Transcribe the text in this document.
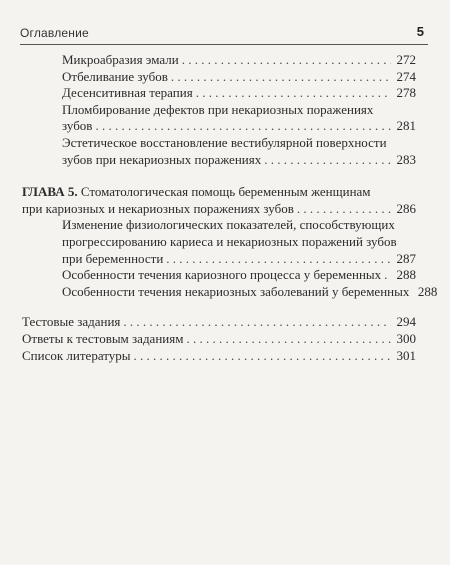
Оглавление	5
Микроабразия эмали . . .	272
Отбеливание зубов . . .	274
Десенситивная терапия . . .	278
Пломбирование дефектов при некариозных поражениях
зубов . . .	281
Эстетическое восстановление вестибулярной поверхности
зубов при некариозных поражениях . . .	283
ГЛАВА 5. Стоматологическая помощь беременным женщинам
при кариозных и некариозных поражениях зубов . . .	286
Изменение физиологических показателей, способствующих
прогрессированию кариеса и некариозных поражений зубов
при беременности . . .	287
Особенности течения кариозного процесса у беременных . . . 288
Особенности течения некариозных заболеваний у беременных 288
Тестовые задания . . .	294
Ответы к тестовым заданиям . . .	300
Список литературы . . .	301
